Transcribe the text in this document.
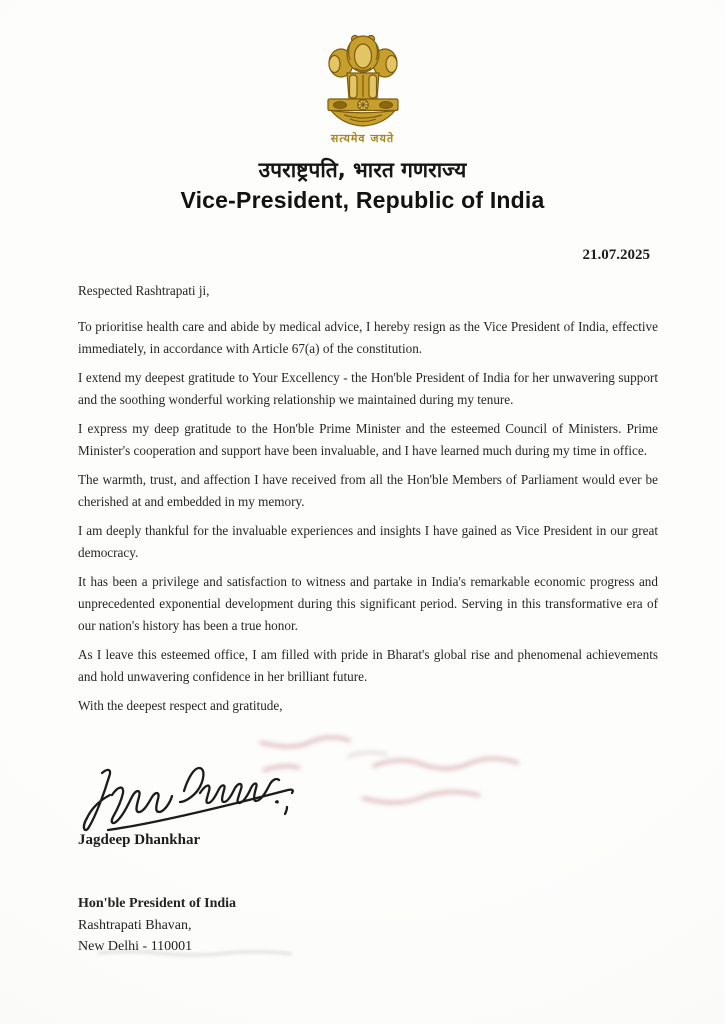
सत्यमेव जयते
उपराष्ट्रपति, भारत गणराज्य
Vice-President, Republic of India
21.07.2025

Respected Rashtrapati ji,

To prioritise health care and abide by medical advice, I hereby resign as the Vice President of India, effective immediately, in accordance with Article 67(a) of the constitution.

I extend my deepest gratitude to Your Excellency - the Hon'ble President of India for her unwavering support and the soothing wonderful working relationship we maintained during my tenure.

I express my deep gratitude to the Hon'ble Prime Minister and the esteemed Council of Ministers. Prime Minister's cooperation and support have been invaluable, and I have learned much during my time in office.

The warmth, trust, and affection I have received from all the Hon'ble Members of Parliament would ever be cherished at and embedded in my memory.

I am deeply thankful for the invaluable experiences and insights I have gained as Vice President in our great democracy.

It has been a privilege and satisfaction to witness and partake in India's remarkable economic progress and unprecedented exponential development during this significant period. Serving in this transformative era of our nation's history has been a true honor.

As I leave this esteemed office, I am filled with pride in Bharat's global rise and phenomenal achievements and hold unwavering confidence in her brilliant future.

With the deepest respect and gratitude,

Jagdeep Dhankhar
Hon'ble President of India
Rashtrapati Bhavan,
New Delhi - 110001
